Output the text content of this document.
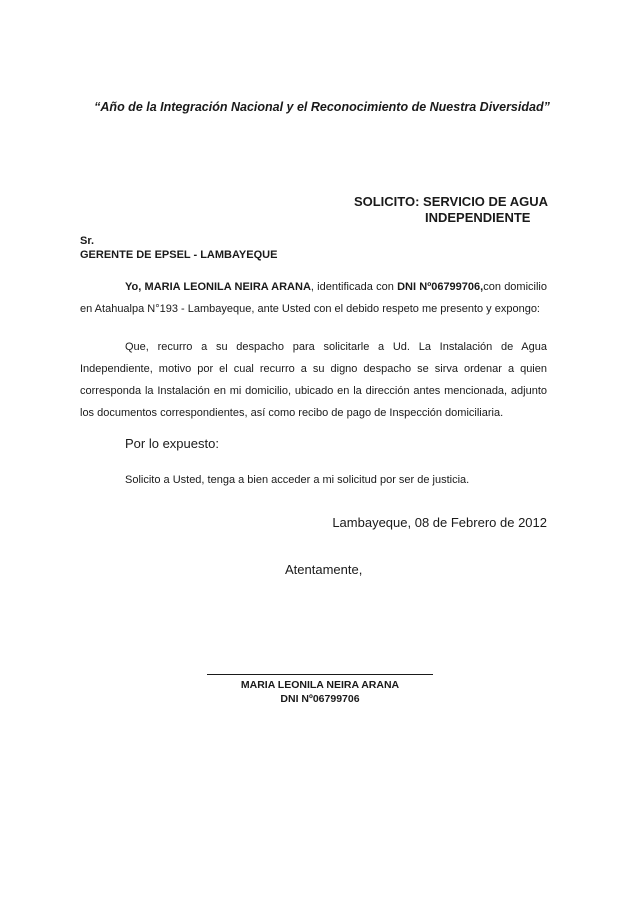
“Año de la Integración Nacional y el Reconocimiento de Nuestra Diversidad”
SOLICITO: SERVICIO DE AGUA
INDEPENDIENTE
Sr.
GERENTE DE EPSEL - LAMBAYEQUE
Yo, MARIA LEONILA NEIRA ARANA, identificada con DNI Nº06799706,con domicilio en Atahualpa N°193 - Lambayeque, ante Usted con el debido respeto me presento y expongo:
Que, recurro a su despacho para solicitarle a Ud. La Instalación de Agua
Independiente, motivo por el cual recurro a su digno despacho se sirva ordenar a quien
corresponda la Instalación en mi domicilio, ubicado en la dirección antes mencionada, adjunto
los documentos correspondientes, así como recibo de pago de Inspección domiciliaria.
Por lo expuesto:
Solicito a Usted, tenga a bien acceder a mi solicitud por ser de justicia.
Lambayeque, 08 de Febrero de 2012
Atentamente,
MARIA LEONILA NEIRA ARANA
DNI Nº06799706
